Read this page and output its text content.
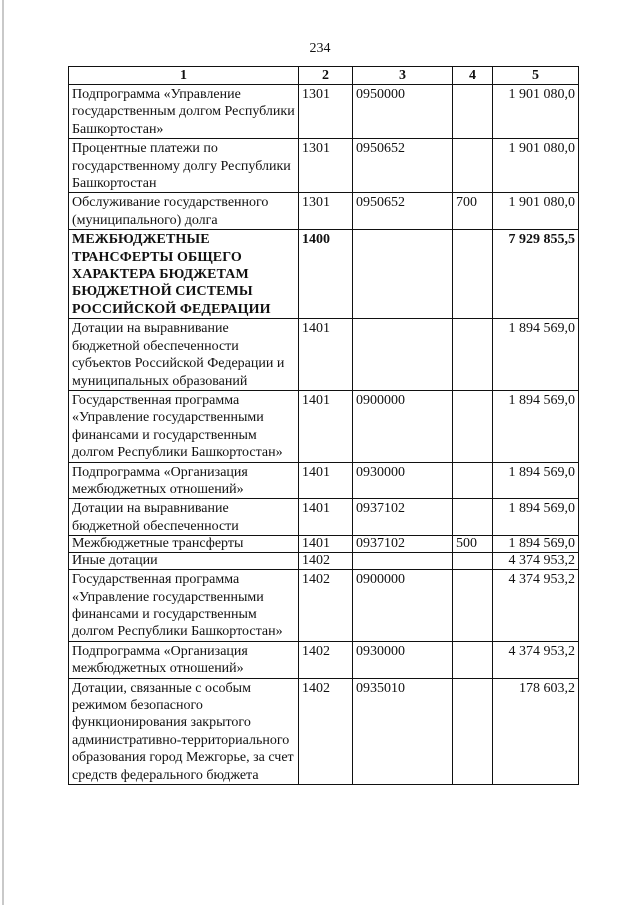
234
1	2	3	4	5
Подпрограмма «Управление государственным долгом Республики Башкортостан»	1301	0950000		1 901 080,0
Процентные платежи по государственному долгу Республики Башкортостан	1301	0950652		1 901 080,0
Обслуживание государственного (муниципального) долга	1301	0950652	700	1 901 080,0
МЕЖБЮДЖЕТНЫЕ ТРАНСФЕРТЫ ОБЩЕГО ХАРАКТЕРА БЮДЖЕТАМ БЮДЖЕТНОЙ СИСТЕМЫ РОССИЙСКОЙ ФЕДЕРАЦИИ	1400			7 929 855,5
Дотации на выравнивание бюджетной обеспеченности субъектов Российской Федерации и муниципальных образований	1401			1 894 569,0
Государственная программа «Управление государственными финансами и государственным долгом Республики Башкортостан»	1401	0900000		1 894 569,0
Подпрограмма «Организация межбюджетных отношений»	1401	0930000		1 894 569,0
Дотации на выравнивание бюджетной обеспеченности	1401	0937102		1 894 569,0
Межбюджетные трансферты	1401	0937102	500	1 894 569,0
Иные дотации	1402			4 374 953,2
Государственная программа «Управление государственными финансами и государственным долгом Республики Башкортостан»	1402	0900000		4 374 953,2
Подпрограмма «Организация межбюджетных отношений»	1402	0930000		4 374 953,2
Дотации, связанные с особым режимом безопасного функционирования закрытого административно-территориального образования город Межгорье, за счет средств федерального бюджета	1402	0935010		178 603,2
